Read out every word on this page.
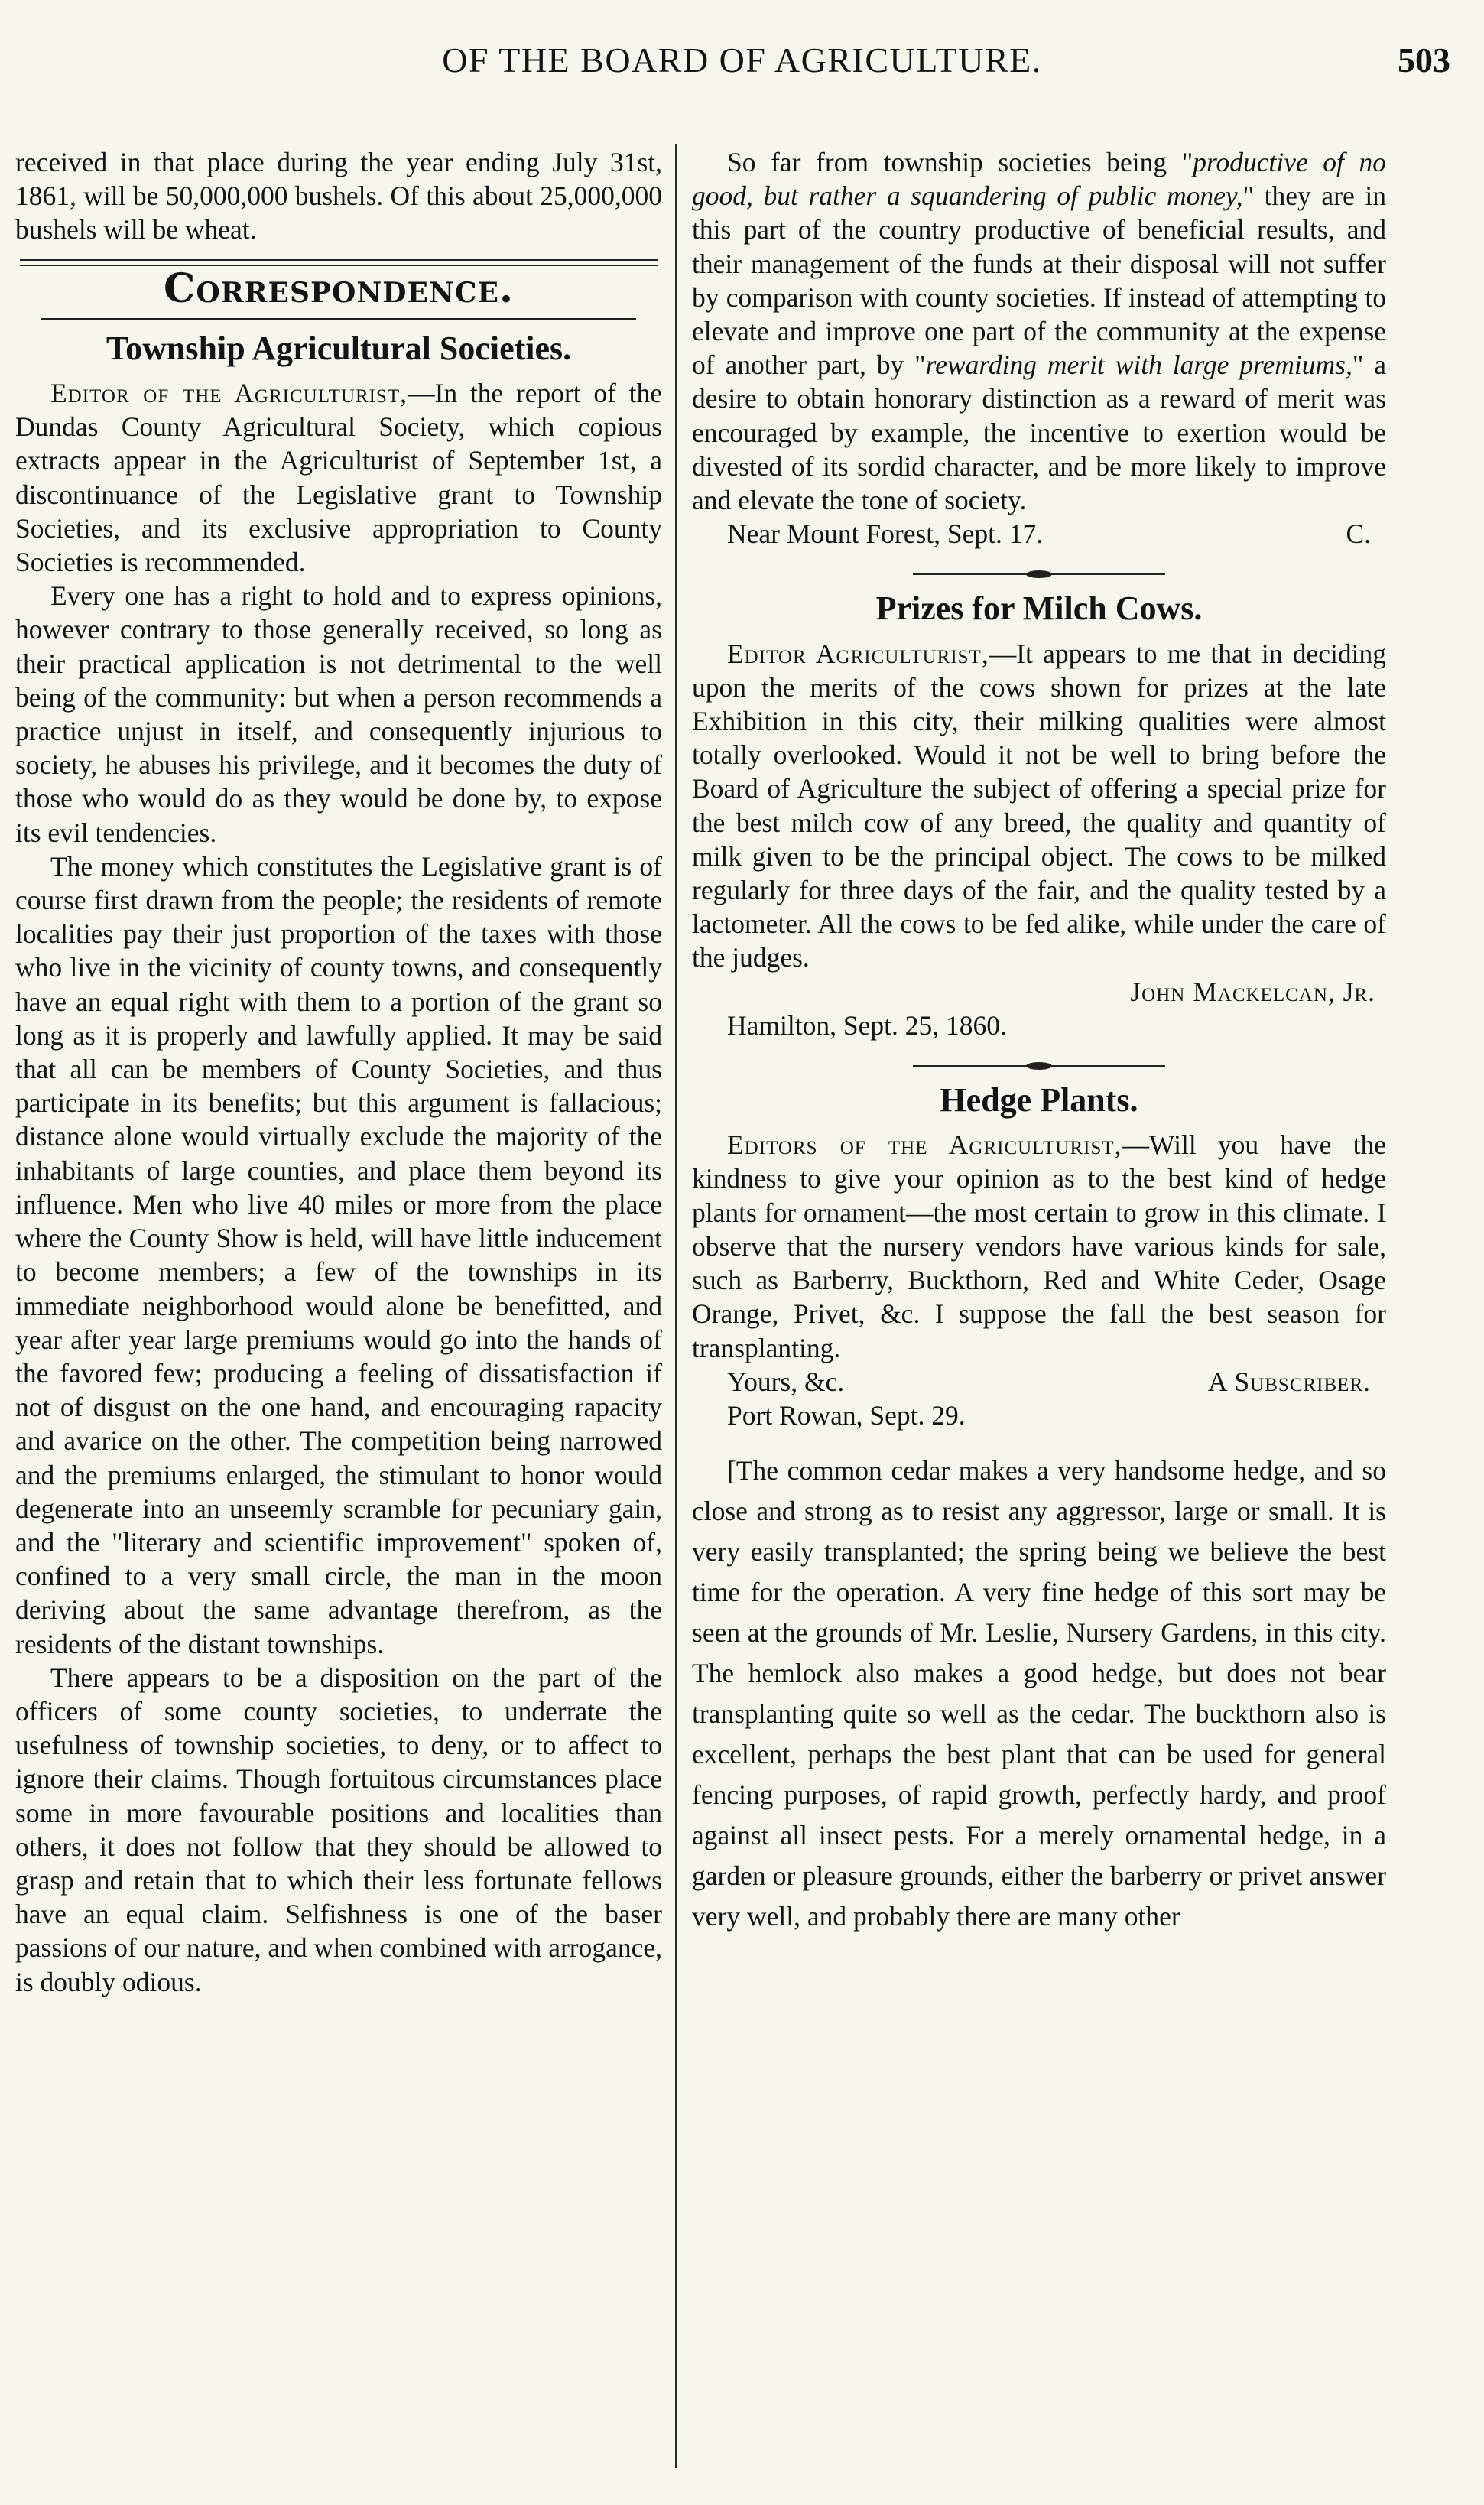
OF THE BOARD OF AGRICULTURE.	503

received in that place during the year ending July 31st, 1861, will be 50,000,000 bushels. Of this about 25,000,000 bushels will be wheat.

Correspondence.
Township Agricultural Societies.

Editor of the Agriculturist,—In the report of the Dundas County Agricultural Society, which copious extracts appear in the Agriculturist of September 1st, a discontinuance of the Legislative grant to Township Societies, and its exclusive appropriation to County Societies is recommended.

Every one has a right to hold and to express opinions, however contrary to those generally received, so long as their practical application is not detrimental to the well being of the community: but when a person recommends a practice unjust in itself, and consequently injurious to society, he abuses his privilege, and it becomes the duty of those who would do as they would be done by, to expose its evil tendencies.

The money which constitutes the Legislative grant is of course first drawn from the people; the residents of remote localities pay their just proportion of the taxes with those who live in the vicinity of county towns, and consequently have an equal right with them to a portion of the grant so long as it is properly and lawfully applied. It may be said that all can be members of County Societies, and thus participate in its benefits; but this argument is fallacious; distance alone would virtually exclude the majority of the inhabitants of large counties, and place them beyond its influence. Men who live 40 miles or more from the place where the County Show is held, will have little inducement to become members; a few of the townships in its immediate neighborhood would alone be benefitted, and year after year large premiums would go into the hands of the favored few; producing a feeling of dissatisfaction if not of disgust on the one hand, and encouraging rapacity and avarice on the other. The competition being narrowed and the premiums enlarged, the stimulant to honor would degenerate into an unseemly scramble for pecuniary gain, and the "literary and scientific improvement" spoken of, confined to a very small circle, the man in the moon deriving about the same advantage therefrom, as the residents of the distant townships.

There appears to be a disposition on the part of the officers of some county societies, to underrate the usefulness of township societies, to deny, or to affect to ignore their claims. Though fortuitous circumstances place some in more favourable positions and localities than others, it does not follow that they should be allowed to grasp and retain that to which their less fortunate fellows have an equal claim. Selfishness is one of the baser passions of our nature, and when combined with arrogance, is doubly odious.

So far from township societies being "productive of no good, but rather a squandering of public money," they are in this part of the country productive of beneficial results, and their management of the funds at their disposal will not suffer by comparison with county societies. If instead of attempting to elevate and improve one part of the community at the expense of another part, by "rewarding merit with large premiums," a desire to obtain honorary distinction as a reward of merit was encouraged by example, the incentive to exertion would be divested of its sordid character, and be more likely to improve and elevate the tone of society.

Near Mount Forest, Sept. 17.	C.
Prizes for Milch Cows.

Editor Agriculturist,—It appears to me that in deciding upon the merits of the cows shown for prizes at the late Exhibition in this city, their milking qualities were almost totally overlooked. Would it not be well to bring before the Board of Agriculture the subject of offering a special prize for the best milch cow of any breed, the quality and quantity of milk given to be the principal object. The cows to be milked regularly for three days of the fair, and the quality tested by a lactometer. All the cows to be fed alike, while under the care of the judges.

John Mackelcan, Jr.

Hamilton, Sept. 25, 1860.

Hedge Plants.

Editors of the Agriculturist,—Will you have the kindness to give your opinion as to the best kind of hedge plants for ornament—the most certain to grow in this climate. I observe that the nursery vendors have various kinds for sale, such as Barberry, Buckthorn, Red and White Ceder, Osage Orange, Privet, &c. I suppose the fall the best season for transplanting.

Yours, &c.	A Subscriber.

Port Rowan, Sept. 29.

[The common cedar makes a very handsome hedge, and so close and strong as to resist any aggressor, large or small. It is very easily transplanted; the spring being we believe the best time for the operation. A very fine hedge of this sort may be seen at the grounds of Mr. Leslie, Nursery Gardens, in this city. The hemlock also makes a good hedge, but does not bear transplanting quite so well as the cedar. The buckthorn also is excellent, perhaps the best plant that can be used for general fencing purposes, of rapid growth, perfectly hardy, and proof against all insect pests. For a merely ornamental hedge, in a garden or pleasure grounds, either the barberry or privet answer very well, and probably there are many other
